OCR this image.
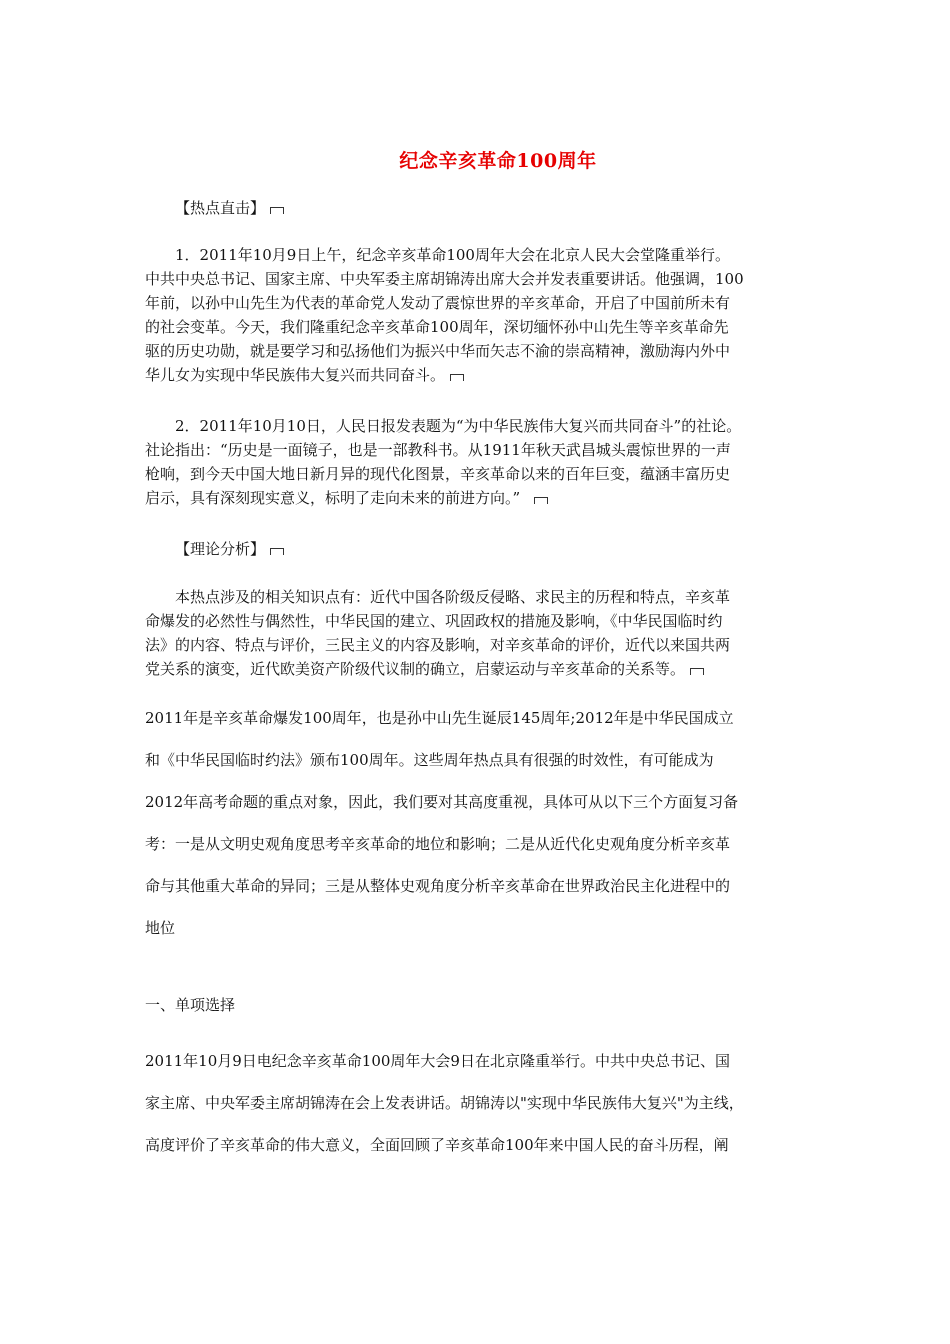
纪念辛亥革命100周年
【热点直击】
1．2011年10月9日上午，纪念辛亥革命100周年大会在北京人民大会堂隆重举行。
中共中央总书记、国家主席、中央军委主席胡锦涛出席大会并发表重要讲话。他强调，100
年前，以孙中山先生为代表的革命党人发动了震惊世界的辛亥革命，开启了中国前所未有
的社会变革。今天，我们隆重纪念辛亥革命100周年，深切缅怀孙中山先生等辛亥革命先
驱的历史功勋，就是要学习和弘扬他们为振兴中华而矢志不渝的崇高精神，激励海内外中
华儿女为实现中华民族伟大复兴而共同奋斗。
2．2011年10月10日，人民日报发表题为“为中华民族伟大复兴而共同奋斗”的社论。
社论指出：“历史是一面镜子，也是一部教科书。从1911年秋天武昌城头震惊世界的一声
枪响，到今天中国大地日新月异的现代化图景，辛亥革命以来的百年巨变，蕴涵丰富历史
启示，具有深刻现实意义，标明了走向未来的前进方向。”
【理论分析】
本热点涉及的相关知识点有：近代中国各阶级反侵略、求民主的历程和特点，辛亥革
命爆发的必然性与偶然性，中华民国的建立、巩固政权的措施及影响，《中华民国临时约
法》的内容、特点与评价，三民主义的内容及影响，对辛亥革命的评价，近代以来国共两
党关系的演变，近代欧美资产阶级代议制的确立，启蒙运动与辛亥革命的关系等。
2011年是辛亥革命爆发100周年，也是孙中山先生诞辰145周年;2012年是中华民国成立
和《中华民国临时约法》颁布100周年。这些周年热点具有很强的时效性，有可能成为
2012年高考命题的重点对象，因此，我们要对其高度重视，具体可从以下三个方面复习备
考：一是从文明史观角度思考辛亥革命的地位和影响；二是从近代化史观角度分析辛亥革
命与其他重大革命的异同；三是从整体史观角度分析辛亥革命在世界政治民主化进程中的
地位
一、单项选择
2011年10月9日电纪念辛亥革命100周年大会9日在北京隆重举行。中共中央总书记、国
家主席、中央军委主席胡锦涛在会上发表讲话。胡锦涛以"实现中华民族伟大复兴"为主线，
高度评价了辛亥革命的伟大意义，全面回顾了辛亥革命100年来中国人民的奋斗历程，阐
